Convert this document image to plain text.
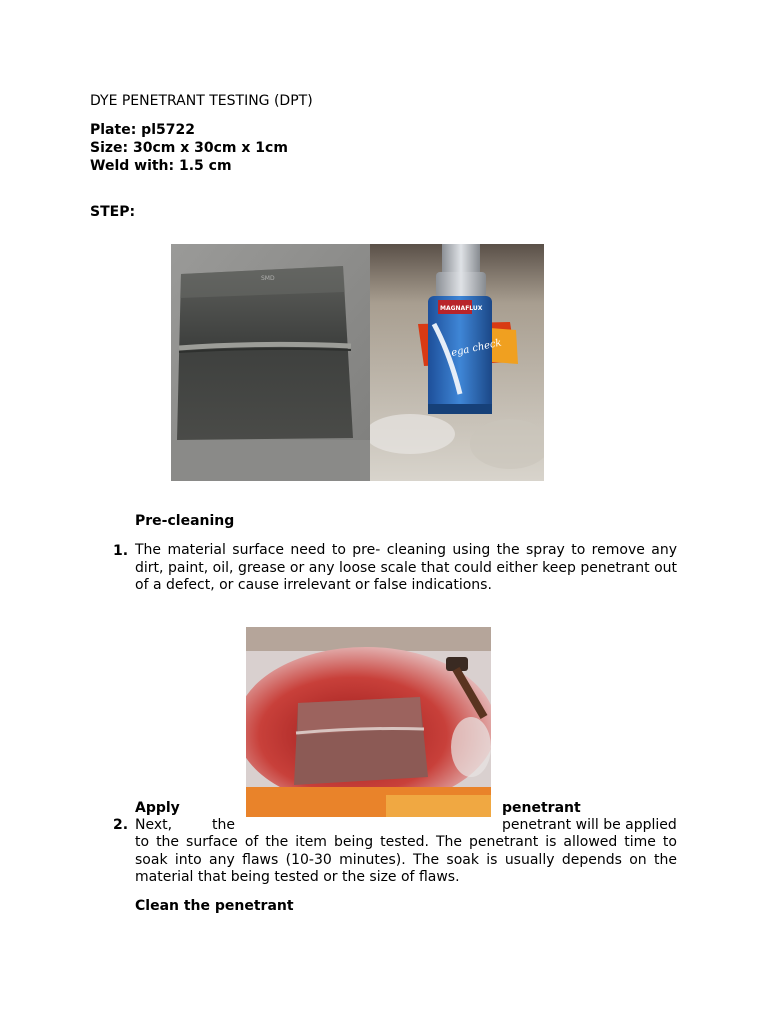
DYE PENETRANT TESTING (DPT)
Plate: pl5722
Size: 30cm x 30cm x 1cm
Weld with: 1.5 cm
STEP:
SMD
MAGNAFLUX
ega check
Pre-cleaning
1. The material surface need to pre- cleaning using the spray to remove any dirt, paint, oil, grease or any loose scale that could either keep penetrant out of a defect, or cause irrelevant or false indications.
Apply	penetrant
2. Next,	the	penetrant will be applied
to the surface of the item being tested. The penetrant is allowed time to soak into any flaws (10-30 minutes). The soak is usually depends on the material that being tested or the size of flaws.
Clean the penetrant
